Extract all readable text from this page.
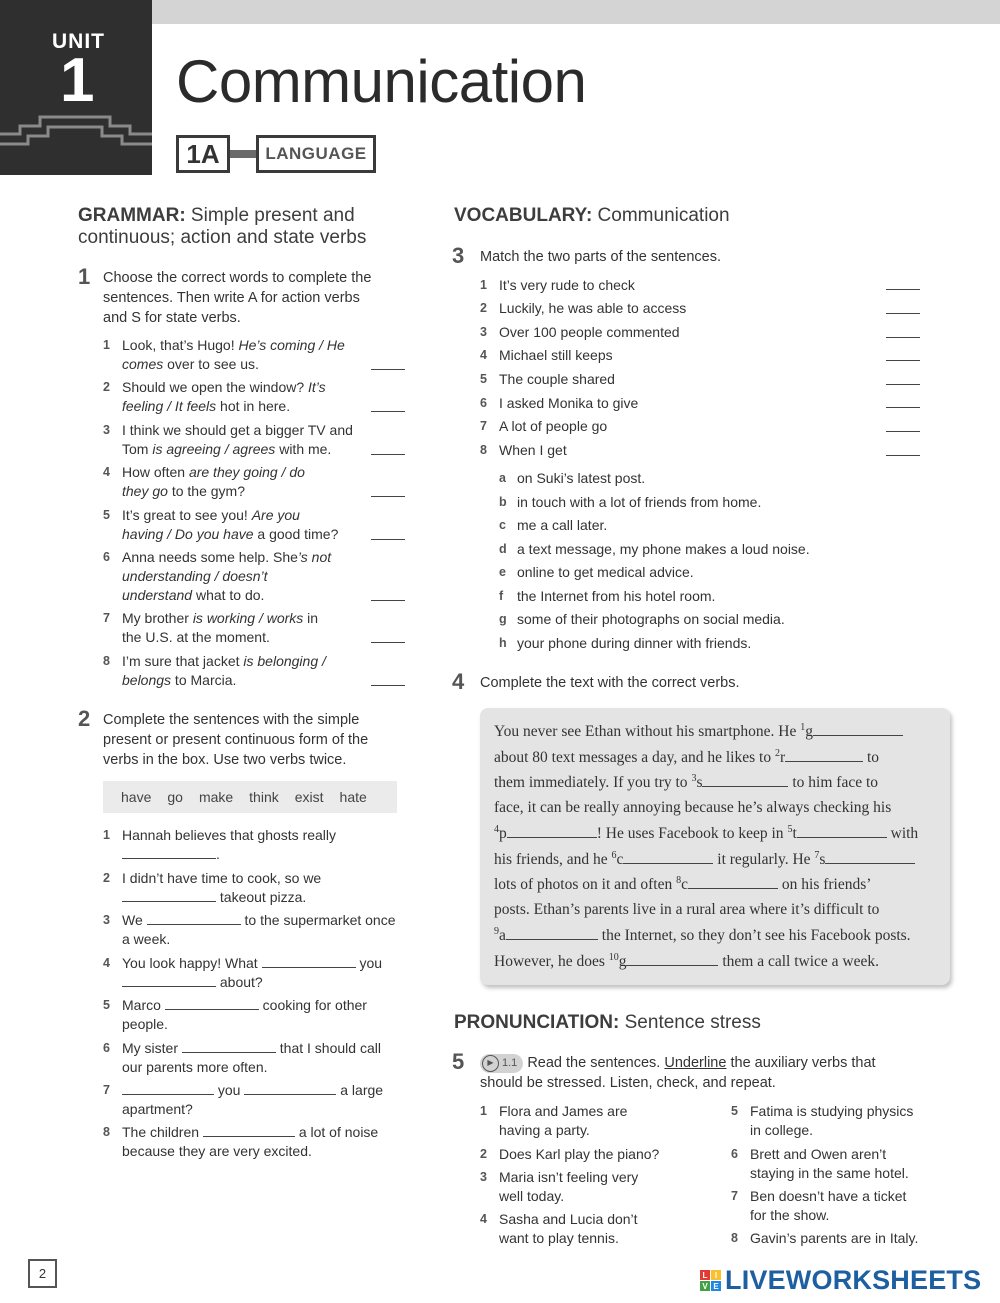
UNIT
1 Communication
1A	LANGUAGE
GRAMMAR: Simple present and
continuous; action and state verbs
1 Choose the correct words to complete the
sentences. Then write A for action verbs
and S for state verbs.
1 Look, that’s Hugo! He’s coming / He
comes over to see us.
2 Should we open the window? It’s
feeling / It feels hot in here.
3 I think we should get a bigger TV and
Tom is agreeing / agrees with me.
4 How often are they going / do
they go to the gym?
5 It’s great to see you! Are you
having / Do you have a good time?
6 Anna needs some help. She’s not
understanding / doesn’t
understand what to do.
7 My brother is working / works in
the U.S. at the moment.
8 I’m sure that jacket is belonging /
belongs to Marcia.
2 Complete the sentences with the simple
present or present continuous form of the
verbs in the box. Use two verbs twice.
have go make think exist hate
1 Hannah believes that ghosts really
.
2 I didn’t have time to cook, so we
takeout pizza.
3 We	to the supermarket once
a week.
4 You look happy! What	you
about?
5 Marco	cooking for other
people.
6 My sister	that I should call
our parents more often.
7	you	a large
apartment?
8 The children	a lot of noise
because they are very excited.
VOCABULARY: Communication
3 Match the two parts of the sentences.
1 It’s very rude to check
2 Luckily, he was able to access
3 Over 100 people commented
4 Michael still keeps
5 The couple shared
6 I asked Monika to give
7 A lot of people go
8 When I get
a on Suki’s latest post.
b in touch with a lot of friends from home.
c me a call later.
d a text message, my phone makes a loud noise.
e online to get medical advice.
f the Internet from his hotel room.
g some of their photographs on social media.
h your phone during dinner with friends.
4 Complete the text with the correct verbs.
You never see Ethan without his smartphone. He $^1$g
about 80 text messages a day, and he likes to $^2$r	to
them immediately. If you try to $^3$s	to him face to
face, it can be really annoying because he’s always checking his
$^4$p	! He uses Facebook to keep in $^5$t	with
his friends, and he $^6$c	it regularly. He $^7$s
lots of photos on it and often $^8$c	on his friends’
posts. Ethan’s parents live in a rural area where it’s difficult to
$^9$a	the Internet, so they don’t see his Facebook posts.
However, he does $^{10}$g	them a call twice a week.
PRONUNCIATION: Sentence stress
5	▶ 1.1 Read the sentences. Underline the auxiliary verbs that
should be stressed. Listen, check, and repeat.
1 Flora and James are
having a party.
2 Does Karl play the piano?
3 Maria isn’t feeling very
well today.
4 Sasha and Lucia don’t
want to play tennis.
5 Fatima is studying physics
in college.
6 Brett and Owen aren’t
staying in the same hotel.
7 Ben doesn’t have a ticket
for the show.
8 Gavin’s parents are in Italy.
2	L I
V E LIVEWORKSHEETS
